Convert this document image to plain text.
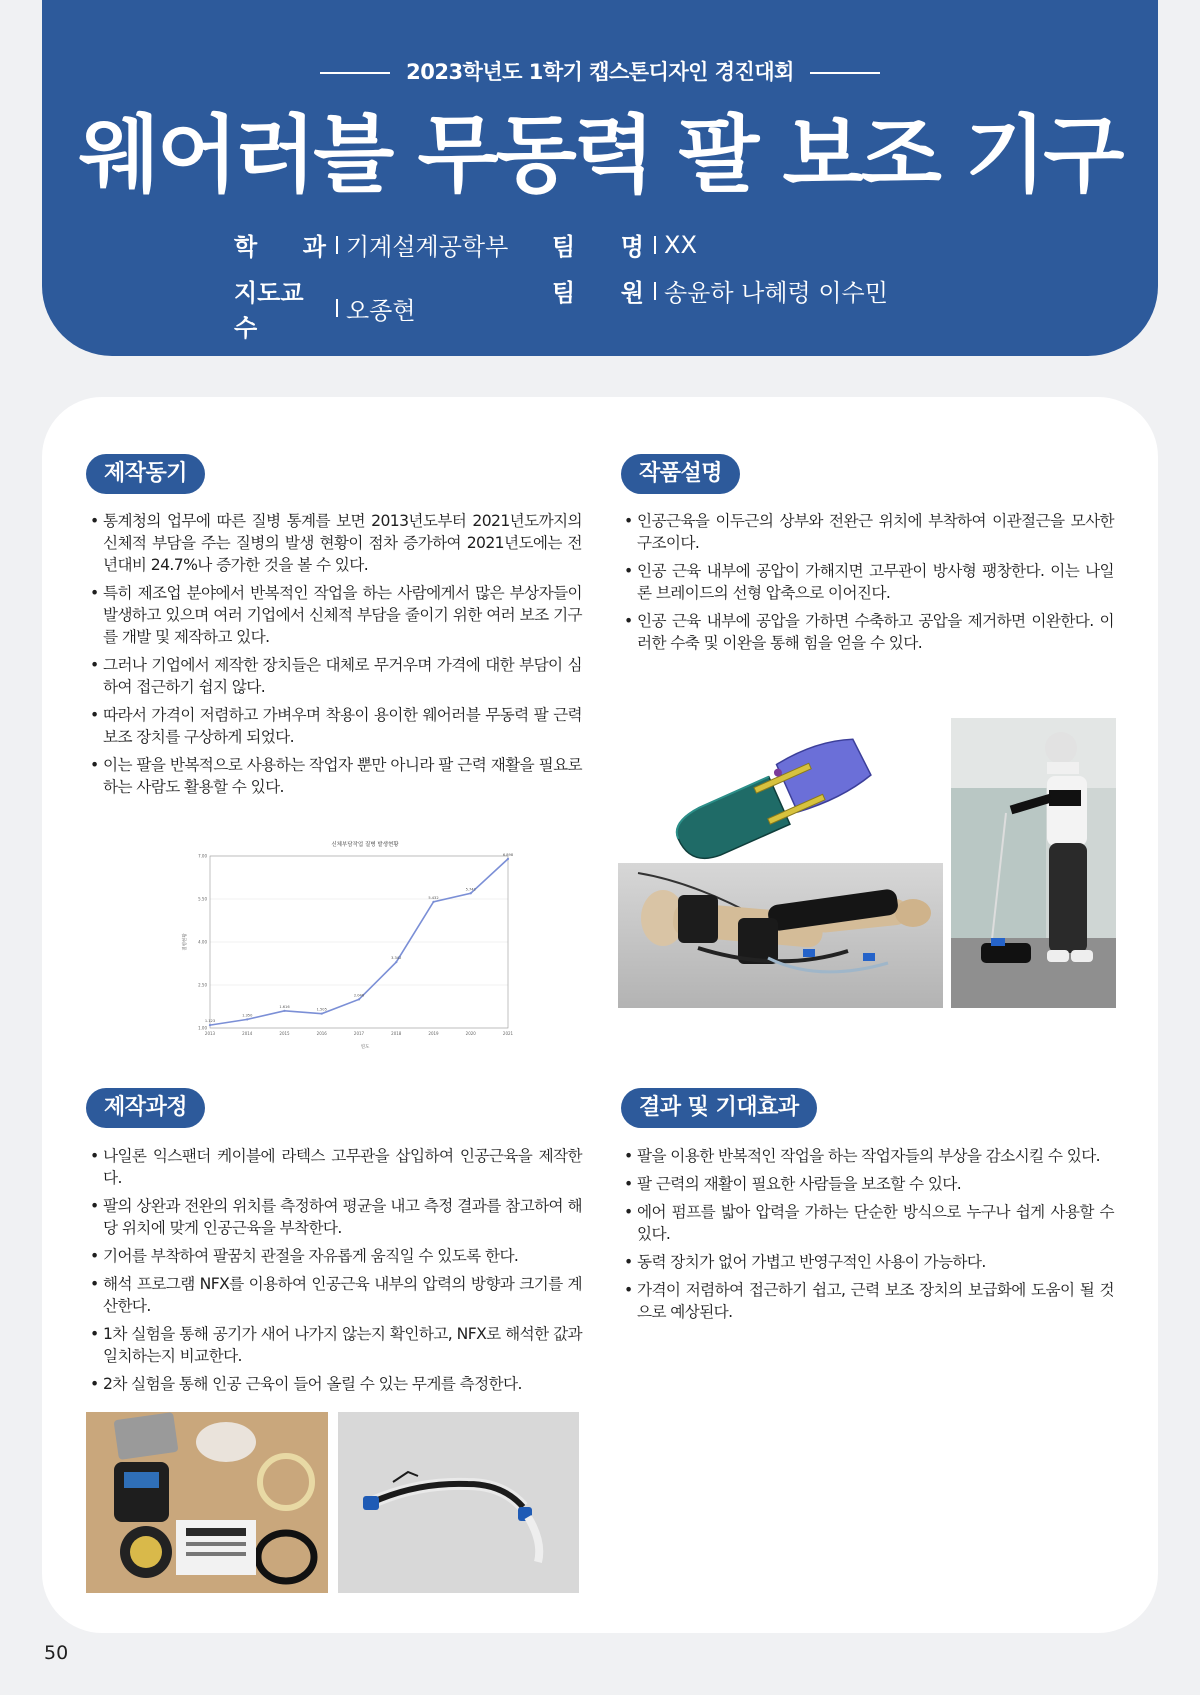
2023학년도 1학기 캡스톤디자인 경진대회
웨어러블 무동력 팔 보조 기구
학 과 기계설계공학부
지도교수
오종현
팀 명 XX
팀 원 송윤하 나혜령 이수민
제작동기
• 통계청의 업무에 따른 질병 통계를 보면 2013년도부터 2021년도까지의 신체적 부담을 주는 질병의 발생 현황이 점차 증가하여 2021년도에는 전년대비 24.7%나 증가한 것을 볼 수 있다.
• 특히 제조업 분야에서 반복적인 작업을 하는 사람에게서 많은 부상자들이 발생하고 있으며 여러 기업에서 신체적 부담을 줄이기 위한 여러 보조 기구를 개발 및 제작하고 있다.
• 그러나 기업에서 제작한 장치들은 대체로 무거우며 가격에 대한 부담이 심하여 접근하기 쉽지 않다.
• 따라서 가격이 저렴하고 가벼우며 착용이 용이한 웨어러블 무동력 팔 근력 보조 장치를 구상하게 되었다.
• 이는 팔을 반복적으로 사용하는 작업자 뿐만 아니라 팔 근력 재활을 필요로 하는 사람도 활용할 수 있다.
신체부담작업 질병 발생현황
1.00
2.50
4.00
5.50
7.00
2013	2014	2015	2016	2017	2018	2019	2020	2021
1.123
1.350
1.616
1.505
2.046
3.342
5.432
5.742
6.898
질병현황
연도
작품설명
• 인공근육을 이두근의 상부와 전완근 위치에 부착하여 이관절근을 모사한 구조이다.
• 인공 근육 내부에 공압이 가해지면 고무관이 방사형 팽창한다. 이는 나일론 브레이드의 선형 압축으로 이어진다.
• 인공 근육 내부에 공압을 가하면 수축하고 공압을 제거하면 이완한다. 이러한 수축 및 이완을 통해 힘을 얻을 수 있다.
제작과정
• 나일론 익스팬더 케이블에 라텍스 고무관을 삽입하여 인공근육을 제작한다.
• 팔의 상완과 전완의 위치를 측정하여 평균을 내고 측정 결과를 참고하여 해당 위치에 맞게 인공근육을 부착한다.
• 기어를 부착하여 팔꿈치 관절을 자유롭게 움직일 수 있도록 한다.
• 해석 프로그램 NFX를 이용하여 인공근육 내부의 압력의 방향과 크기를 계산한다.
• 1차 실험을 통해 공기가 새어 나가지 않는지 확인하고, NFX로 해석한 값과 일치하는지 비교한다.
• 2차 실험을 통해 인공 근육이 들어 올릴 수 있는 무게를 측정한다.
결과 및 기대효과
• 팔을 이용한 반복적인 작업을 하는 작업자들의 부상을 감소시킬 수 있다.
• 팔 근력의 재활이 필요한 사람들을 보조할 수 있다.
• 에어 펌프를 밟아 압력을 가하는 단순한 방식으로 누구나 쉽게 사용할 수 있다.
• 동력 장치가 없어 가볍고 반영구적인 사용이 가능하다.
• 가격이 저렴하여 접근하기 쉽고, 근력 보조 장치의 보급화에 도움이 될 것으로 예상된다.
50
